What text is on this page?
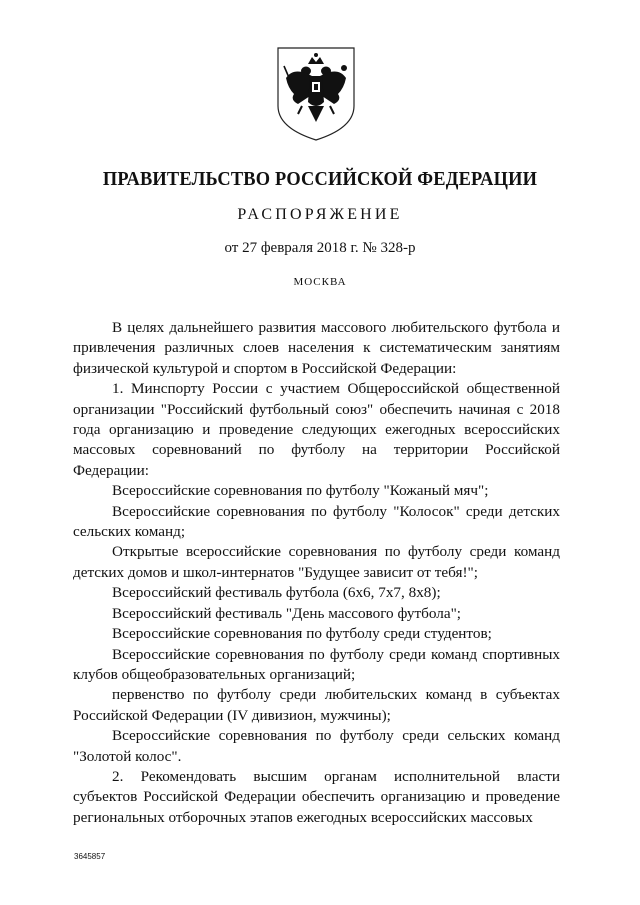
ПРАВИТЕЛЬСТВО РОССИЙСКОЙ ФЕДЕРАЦИИ
РАСПОРЯЖЕНИЕ
от 27 февраля 2018 г. № 328-р
МОСКВА

В целях дальнейшего развития массового любительского футбола и привлечения различных слоев населения к систематическим занятиям физической культурой и спортом в Российской Федерации:

1. Минспорту России с участием Общероссийской общественной организации "Российский футбольный союз" обеспечить начиная с 2018 года организацию и проведение следующих ежегодных всероссийских массовых соревнований по футболу на территории Российской Федерации:

Всероссийские соревнования по футболу "Кожаный мяч";

Всероссийские соревнования по футболу "Колосок" среди детских сельских команд;

Открытые всероссийские соревнования по футболу среди команд детских домов и школ-интернатов "Будущее зависит от тебя!";

Всероссийский фестиваль футбола (6х6, 7х7, 8х8);

Всероссийский фестиваль "День массового футбола";

Всероссийские соревнования по футболу среди студентов;

Всероссийские соревнования по футболу среди команд спортивных клубов общеобразовательных организаций;

первенство по футболу среди любительских команд в субъектах Российской Федерации (IV дивизион, мужчины);

Всероссийские соревнования по футболу среди сельских команд "Золотой колос".

2. Рекомендовать высшим органам исполнительной власти субъектов Российской Федерации обеспечить организацию и проведение региональных отборочных этапов ежегодных всероссийских массовых

3645857
